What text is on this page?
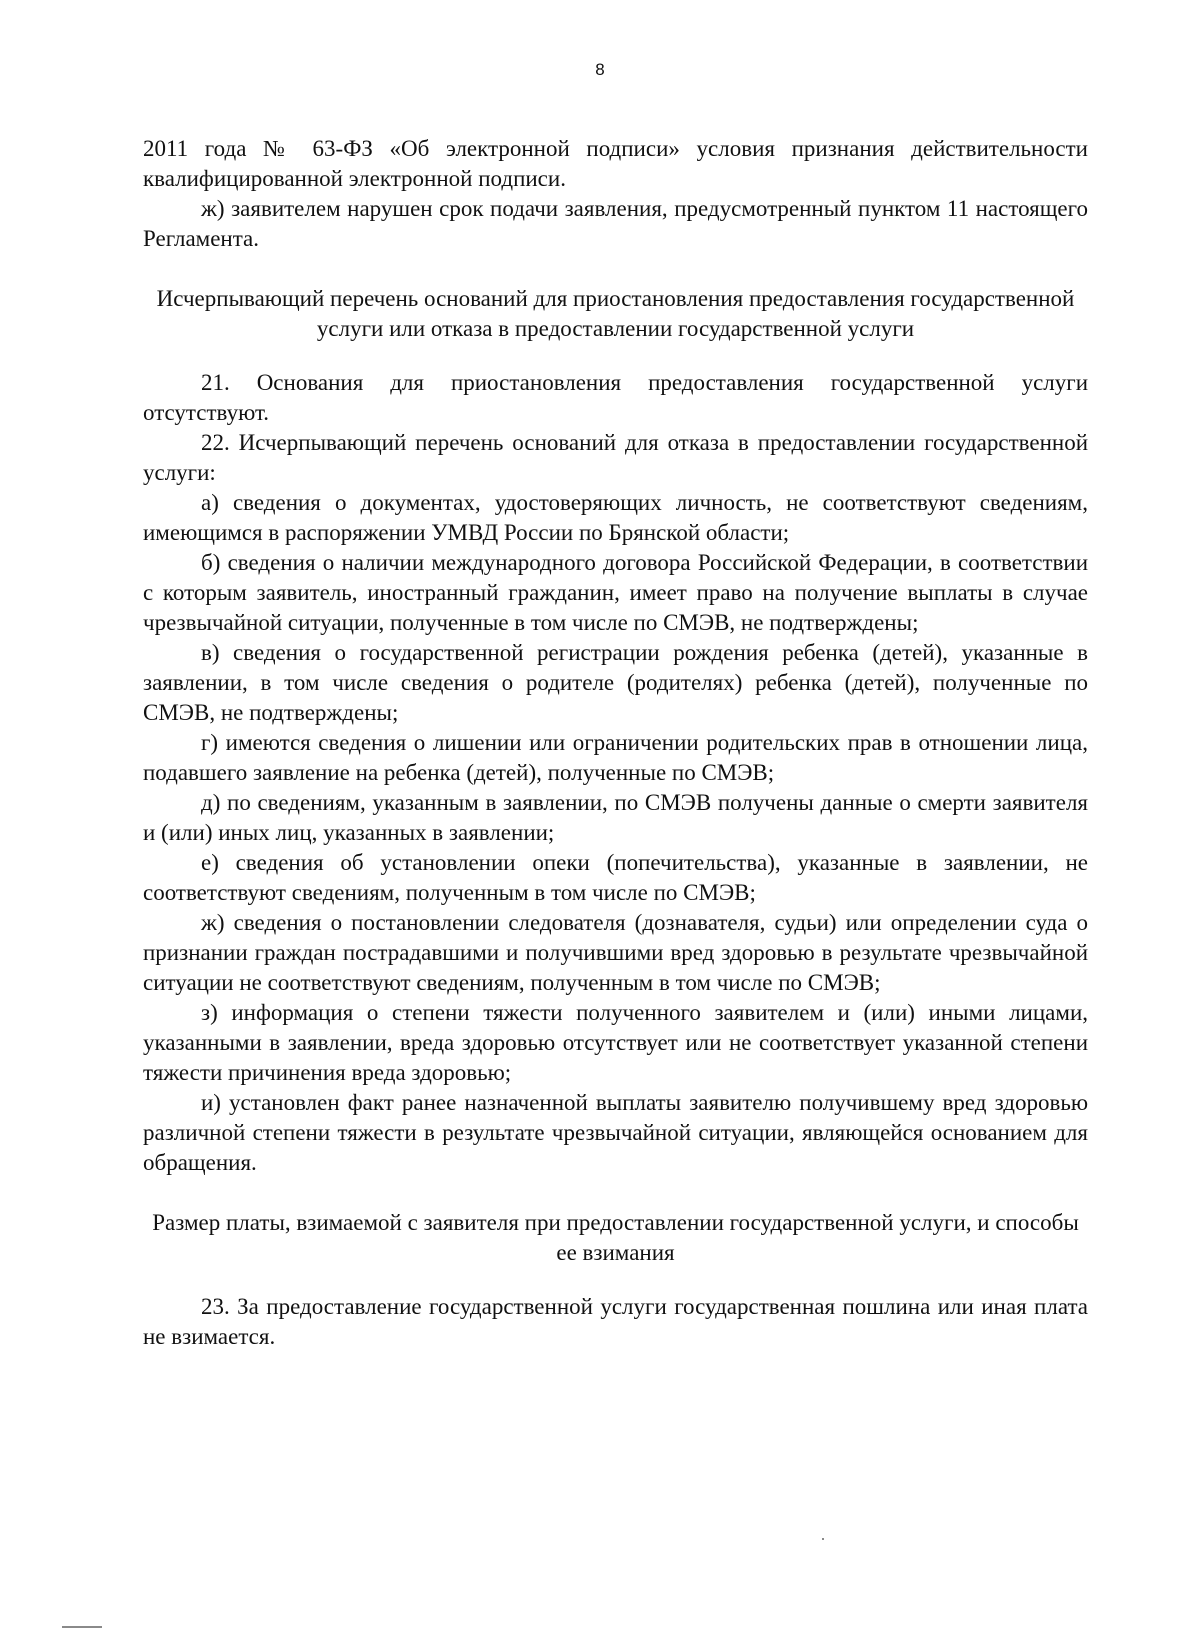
8

2011 года № 63-ФЗ «Об электронной подписи» условия признания действительности квалифицированной электронной подписи.

ж) заявителем нарушен срок подачи заявления, предусмотренный пунктом 11 настоящего Регламента.

Исчерпывающий перечень оснований для приостановления предоставления государственной услуги или отказа в предоставлении государственной услуги

21. Основания для приостановления предоставления государственной услуги отсутствуют.

22. Исчерпывающий перечень оснований для отказа в предоставлении государственной услуги:

а) сведения о документах, удостоверяющих личность, не соответствуют сведениям, имеющимся в распоряжении УМВД России по Брянской области;

б) сведения о наличии международного договора Российской Федерации, в соответствии с которым заявитель, иностранный гражданин, имеет право на получение выплаты в случае чрезвычайной ситуации, полученные в том числе по СМЭВ, не подтверждены;

в) сведения о государственной регистрации рождения ребенка (детей), указанные в заявлении, в том числе сведения о родителе (родителях) ребенка (детей), полученные по СМЭВ, не подтверждены;

г) имеются сведения о лишении или ограничении родительских прав в отношении лица, подавшего заявление на ребенка (детей), полученные по СМЭВ;

д) по сведениям, указанным в заявлении, по СМЭВ получены данные о смерти заявителя и (или) иных лиц, указанных в заявлении;

е) сведения об установлении опеки (попечительства), указанные в заявлении, не соответствуют сведениям, полученным в том числе по СМЭВ;

ж) сведения о постановлении следователя (дознавателя, судьи) или определении суда о признании граждан пострадавшими и получившими вред здоровью в результате чрезвычайной ситуации не соответствуют сведениям, полученным в том числе по СМЭВ;

з) информация о степени тяжести полученного заявителем и (или) иными лицами, указанными в заявлении, вреда здоровью отсутствует или не соответствует указанной степени тяжести причинения вреда здоровью;

и) установлен факт ранее назначенной выплаты заявителю получившему вред здоровью различной степени тяжести в результате чрезвычайной ситуации, являющейся основанием для обращения.

Размер платы, взимаемой с заявителя при предоставлении государственной услуги, и способы ее взимания

23. За предоставление государственной услуги государственная пошлина или иная плата не взимается.
